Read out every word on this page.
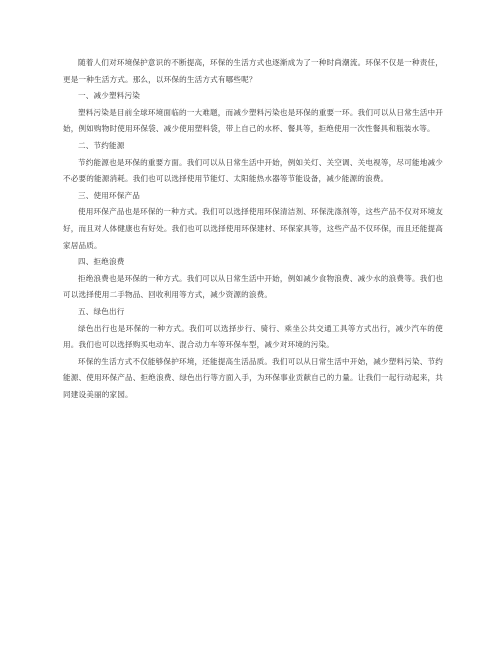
随着人们对环境保护意识的不断提高，环保的生活方式也逐渐成为了一种时尚潮流。环保不仅是一种责任，更是一种生活方式。那么，以环保的生活方式有哪些呢？

一、减少塑料污染

塑料污染是目前全球环境面临的一大难题，而减少塑料污染也是环保的重要一环。我们可以从日常生活中开始，例如购物时使用环保袋、减少使用塑料袋，带上自己的水杯、餐具等，拒绝使用一次性餐具和瓶装水等。

二、节约能源

节约能源也是环保的重要方面。我们可以从日常生活中开始，例如关灯、关空调、关电视等，尽可能地减少不必要的能源消耗。我们也可以选择使用节能灯、太阳能热水器等节能设备，减少能源的浪费。

三、使用环保产品

使用环保产品也是环保的一种方式。我们可以选择使用环保清洁剂、环保洗涤剂等，这些产品不仅对环境友好，而且对人体健康也有好处。我们也可以选择使用环保建材、环保家具等，这些产品不仅环保，而且还能提高家居品质。

四、拒绝浪费

拒绝浪费也是环保的一种方式。我们可以从日常生活中开始，例如减少食物浪费、减少水的浪费等。我们也可以选择使用二手物品、回收利用等方式，减少资源的浪费。

五、绿色出行

绿色出行也是环保的一种方式。我们可以选择步行、骑行、乘坐公共交通工具等方式出行，减少汽车的使用。我们也可以选择购买电动车、混合动力车等环保车型，减少对环境的污染。

环保的生活方式不仅能够保护环境，还能提高生活品质。我们可以从日常生活中开始，减少塑料污染、节约能源、使用环保产品、拒绝浪费、绿色出行等方面入手，为环保事业贡献自己的力量。让我们一起行动起来，共同建设美丽的家园。
